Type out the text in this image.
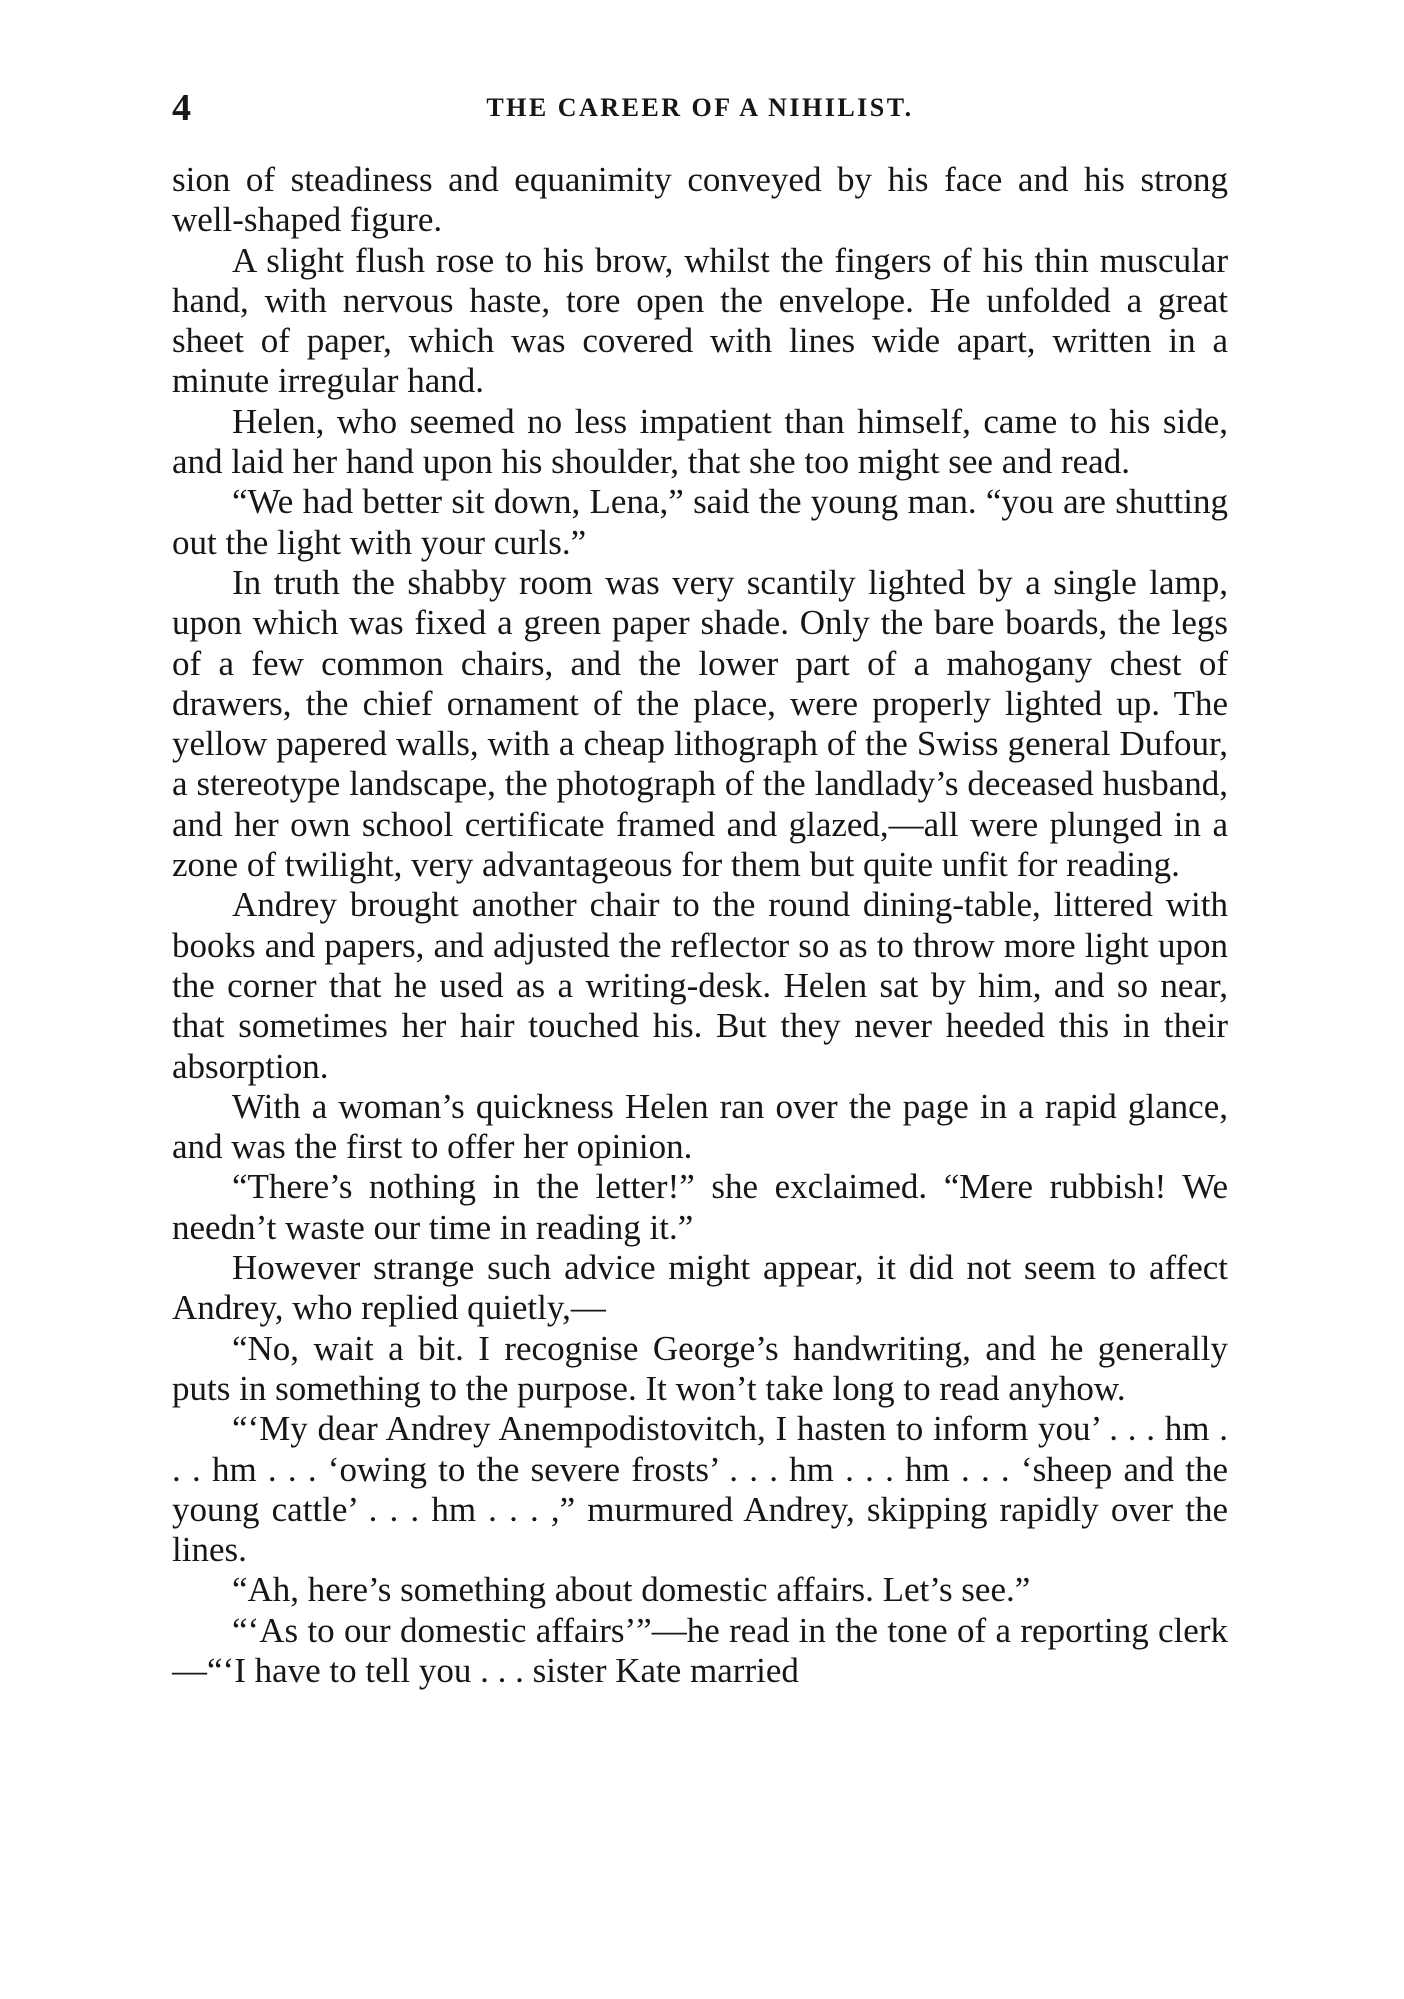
4	THE CAREER OF A NIHILIST.

sion of steadiness and equanimity conveyed by his face and his strong well-shaped figure.

A slight flush rose to his brow, whilst the fingers of his thin muscular hand, with nervous haste, tore open the envelope. He unfolded a great sheet of paper, which was covered with lines wide apart, written in a minute irregular hand.

Helen, who seemed no less impatient than himself, came to his side, and laid her hand upon his shoulder, that she too might see and read.

“We had better sit down, Lena,” said the young man. “you are shutting out the light with your curls.”

In truth the shabby room was very scantily lighted by a single lamp, upon which was fixed a green paper shade. Only the bare boards, the legs of a few common chairs, and the lower part of a mahogany chest of drawers, the chief ornament of the place, were properly lighted up. The yellow papered walls, with a cheap lithograph of the Swiss general Dufour, a stereotype landscape, the photograph of the landlady’s deceased husband, and her own school certificate framed and glazed,—all were plunged in a zone of twilight, very advantageous for them but quite unfit for reading.

Andrey brought another chair to the round dining-table, littered with books and papers, and adjusted the reflector so as to throw more light upon the corner that he used as a writing-desk. Helen sat by him, and so near, that sometimes her hair touched his. But they never heeded this in their absorption.

With a woman’s quickness Helen ran over the page in a rapid glance, and was the first to offer her opinion.

“There’s nothing in the letter!” she exclaimed. “Mere rubbish! We needn’t waste our time in reading it.”

However strange such advice might appear, it did not seem to affect Andrey, who replied quietly,—

“No, wait a bit. I recognise George’s handwriting, and he generally puts in something to the purpose. It won’t take long to read anyhow.

“‘My dear Andrey Anempodistovitch, I hasten to inform you’ . . . hm . . . hm . . . ‘owing to the severe frosts’ . . . hm . . . hm . . . ‘sheep and the young cattle’ . . . hm . . . ,” murmured Andrey, skipping rapidly over the lines.

“Ah, here’s something about domestic affairs. Let’s see.”

“‘As to our domestic affairs’”—he read in the tone of a reporting clerk—“‘I have to tell you . . . sister Kate married
